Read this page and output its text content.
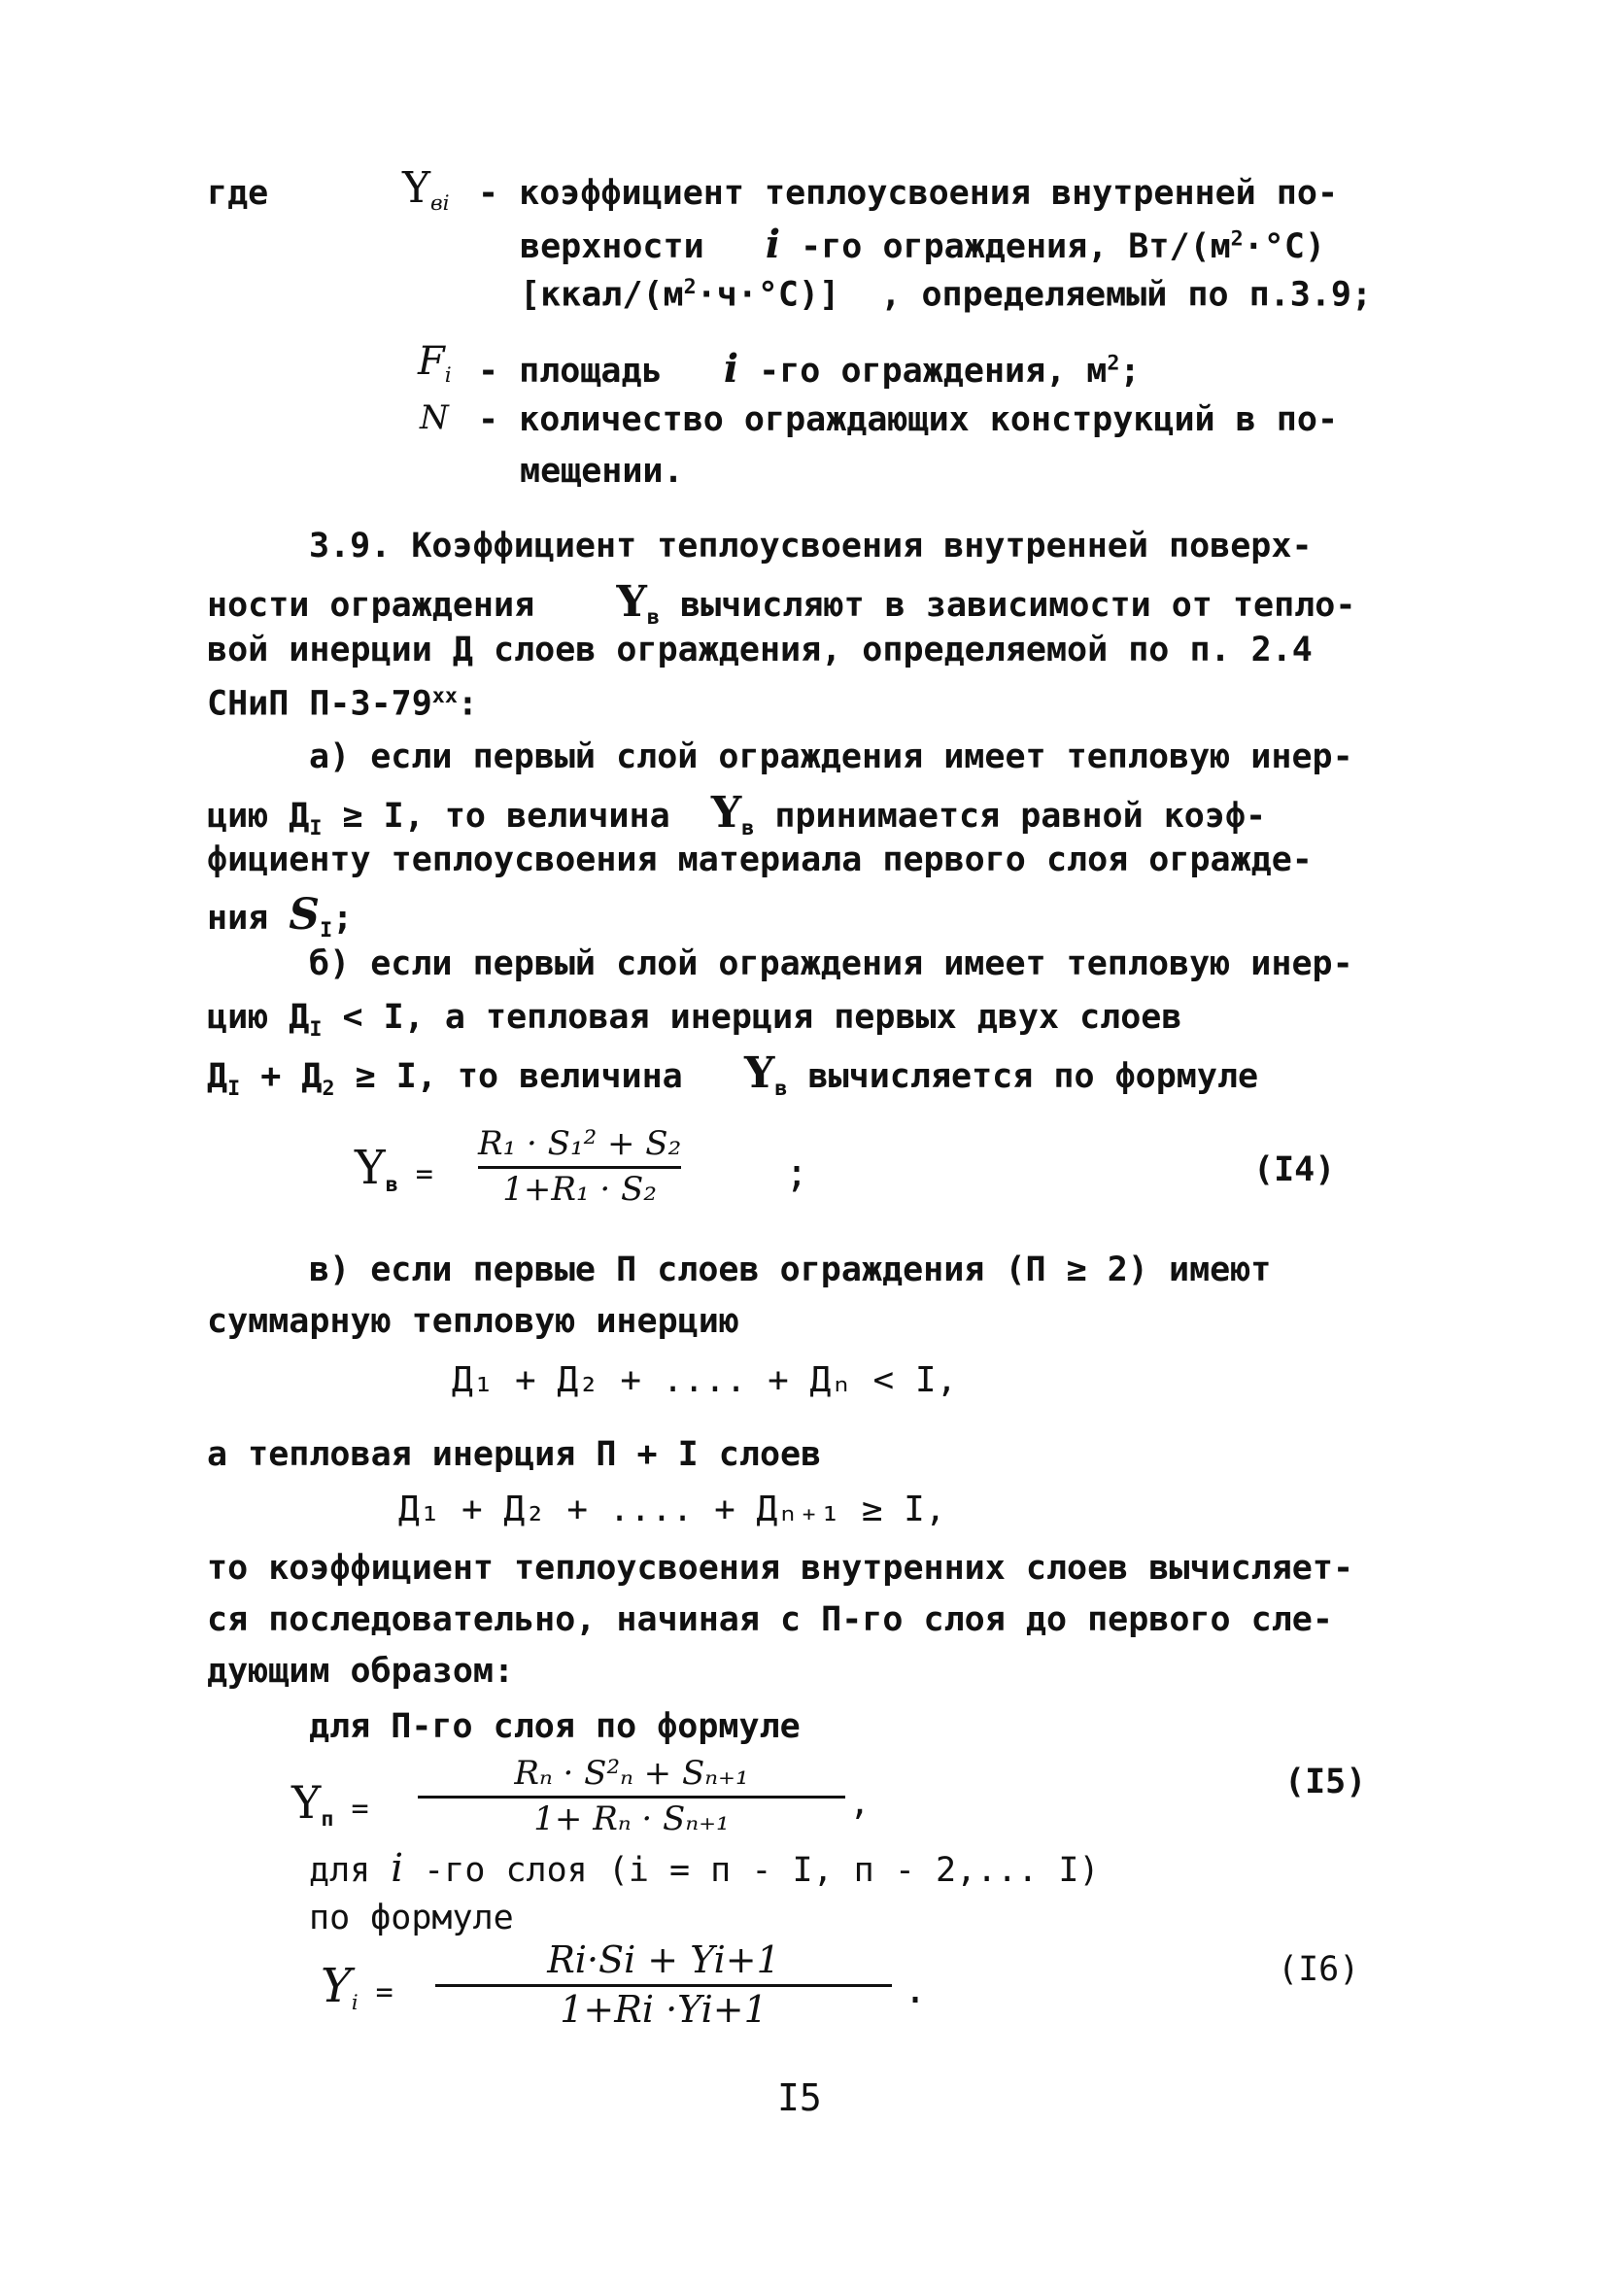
где	$Y_{вi}$ - коэффициент теплоусвоения внутренней по-
верхности i -го ограждения, $Вт/(м^2\cdot^\circ С)$
$[ккал/(м^2\cdot ч\cdot^\circ С)]$ , определяемый по п.3.9;
$F_i$ - площадь i -го ограждения, $м^2$;
N - количество ограждающих конструкций в по-
мещении.
3.9. Коэффициент теплоусвоения внутренней поверх-
ности ограждения $Y_в$ вычисляют в зависимости от тепло-
вой инерции Д слоев ограждения, определяемой по п. 2.4
СНиП П-3-79$^{xx}$:
а) если первый слой ограждения имеет тепловую инер-
цию $Д_I \ge I$, то величина $Y_в$ принимается равной коэф-
фициенту теплоусвоения материала первого слоя огражде-
ния $S_I$;
б) если первый слой ограждения имеет тепловую инер-
цию $Д_I < I$, а тепловая инерция первых двух слоев
$Д_I + Д_2 \ge I$, то величина $Y_в$ вычисляется по формуле
$Y_в$ =
R₁ · S₁² + S₂
1+R₁ · S₂	;	(I4)
в) если первые П слоев ограждения (П ≥ 2) имеют
суммарную тепловую инерцию
Д₁ + Д₂ + .... + Дₙ < I,
а тепловая инерция П + I слоев
Д₁ + Д₂ + .... + Дₙ₊₁ ≥ I,
то коэффициент теплоусвоения внутренних слоев вычисляет-
ся последовательно, начиная с П-го слоя до первого сле-
дующим образом:
для П-го слоя по формуле
$Y_п$ =
Rₙ · S²ₙ + Sₙ₊₁
1+ Rₙ · Sₙ₊₁	,
(I5)
для i -го слоя (i = п - I, п - 2,... I)
по формуле
$Y_i$ =
Ri·Si + Yi+1
1+Ri ·Yi+1	.	(I6)
I5
